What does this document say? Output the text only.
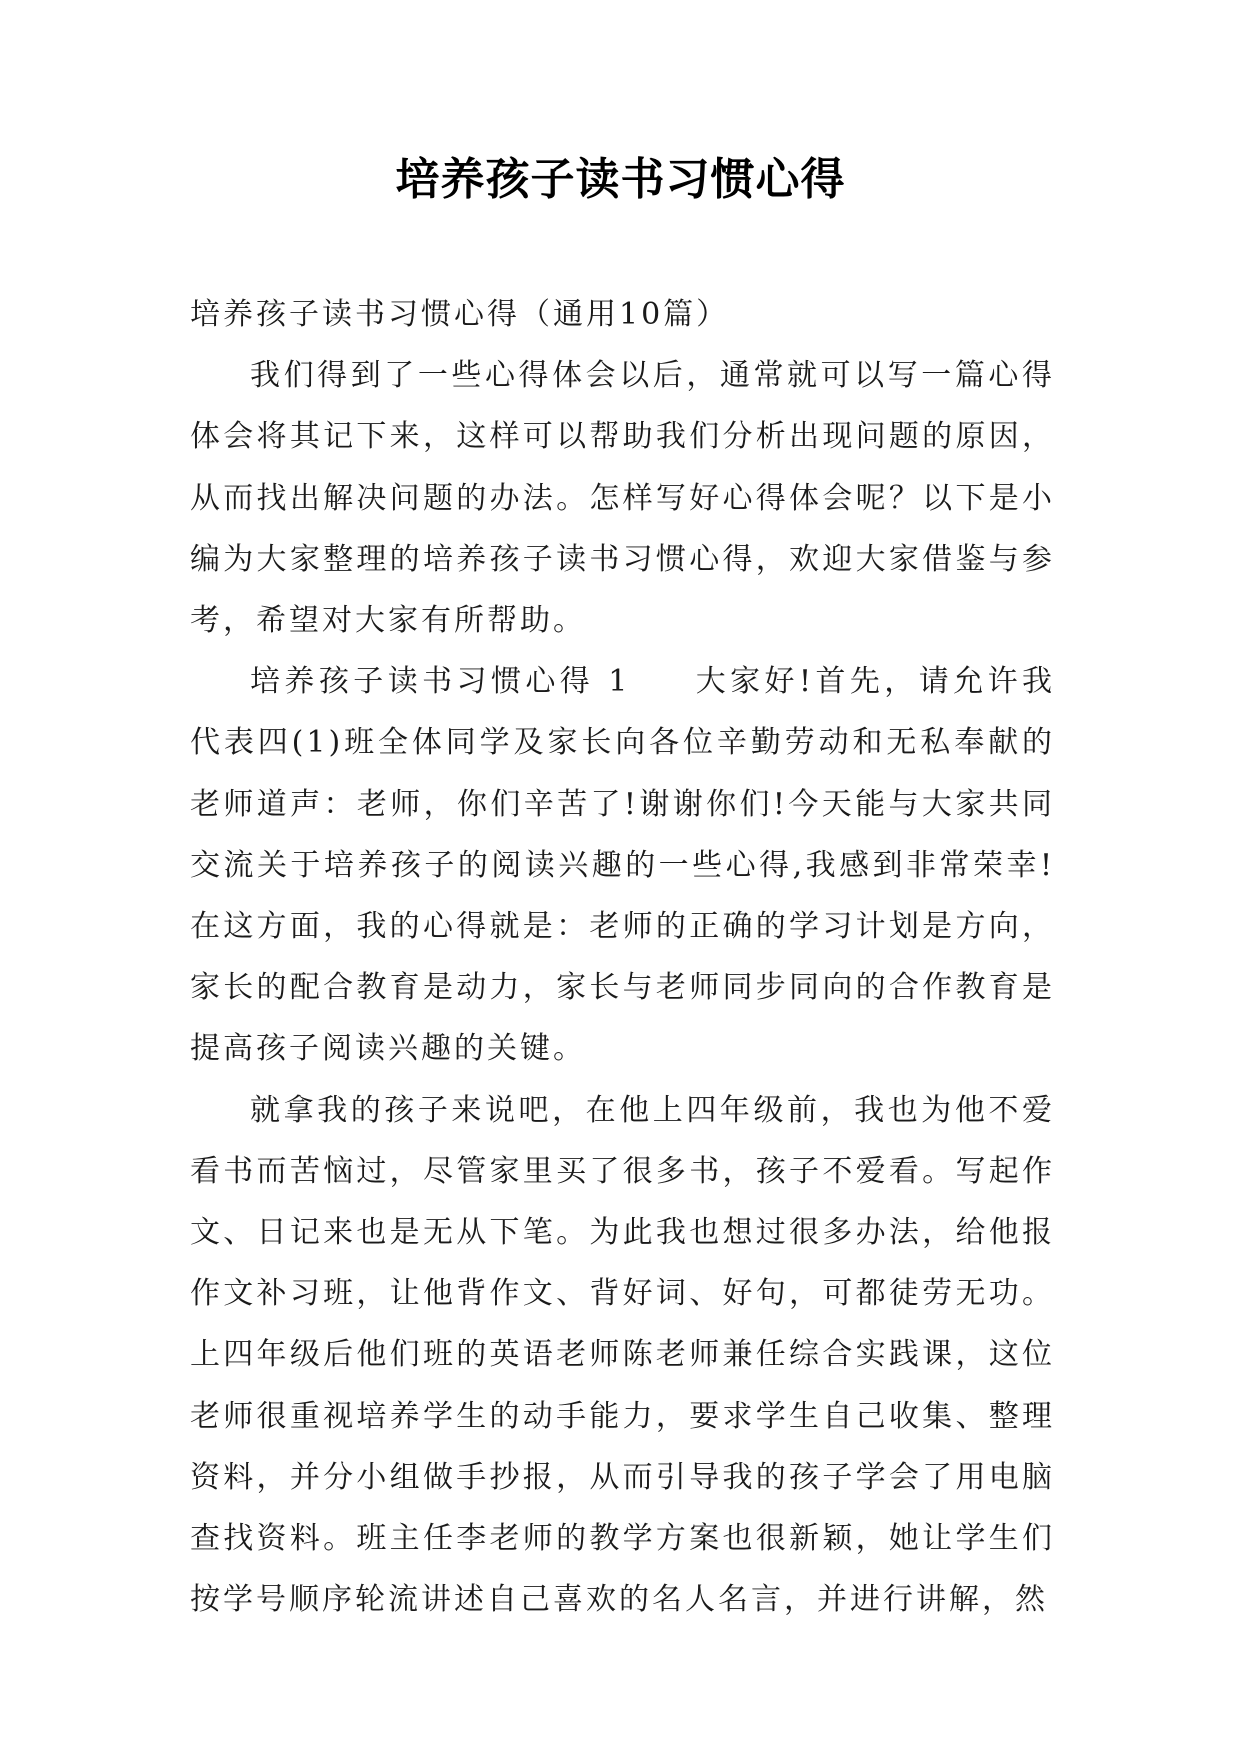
培养孩子读书习惯心得

培养孩子读书习惯心得（通用10篇）

我们得到了一些心得体会以后，通常就可以写一篇心得体会将其记下来，这样可以帮助我们分析出现问题的原因，从而找出解决问题的办法。怎样写好心得体会呢？以下是小编为大家整理的培养孩子读书习惯心得，欢迎大家借鉴与参考，希望对大家有所帮助。

培养孩子读书习惯心得 1 大家好!首先，请允许我代表四(1)班全体同学及家长向各位辛勤劳动和无私奉献的老师道声：老师，你们辛苦了!谢谢你们!今天能与大家共同交流关于培养孩子的阅读兴趣的一些心得,我感到非常荣幸!在这方面，我的心得就是：老师的正确的学习计划是方向，家长的配合教育是动力，家长与老师同步同向的合作教育是提高孩子阅读兴趣的关键。

就拿我的孩子来说吧，在他上四年级前，我也为他不爱看书而苦恼过，尽管家里买了很多书，孩子不爱看。写起作文、日记来也是无从下笔。为此我也想过很多办法，给他报作文补习班，让他背作文、背好词、好句，可都徒劳无功。上四年级后他们班的英语老师陈老师兼任综合实践课，这位老师很重视培养学生的动手能力，要求学生自己收集、整理资料，并分小组做手抄报，从而引导我的孩子学会了用电脑查找资料。班主任李老师的教学方案也很新颖，她让学生们按学号顺序轮流讲述自己喜欢的名人名言，并进行讲解，然
